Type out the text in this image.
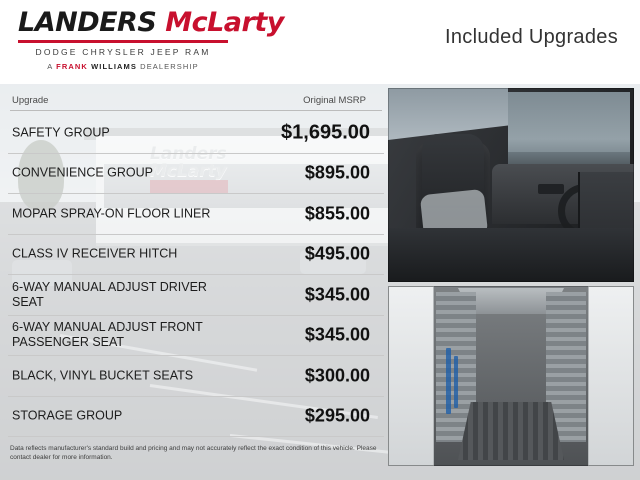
LANDERS McLarty
DODGE CHRYSLER JEEP RAM
A FRANK WILLIAMS DEALERSHIP
Included Upgrades
Upgrade	Original MSRP
SAFETY GROUP	$1,695.00
CONVENIENCE GROUP	$895.00
MOPAR SPRAY-ON FLOOR LINER	$855.00
CLASS IV RECEIVER HITCH	$495.00
6-WAY MANUAL ADJUST DRIVER SEAT	$345.00
6-WAY MANUAL ADJUST FRONT PASSENGER SEAT	$345.00
BLACK, VINYL BUCKET SEATS	$300.00
STORAGE GROUP	$295.00
Data reflects manufacturer's standard build and pricing and may not accurately reflect the exact condition of this vehicle. Please contact dealer for more information.
